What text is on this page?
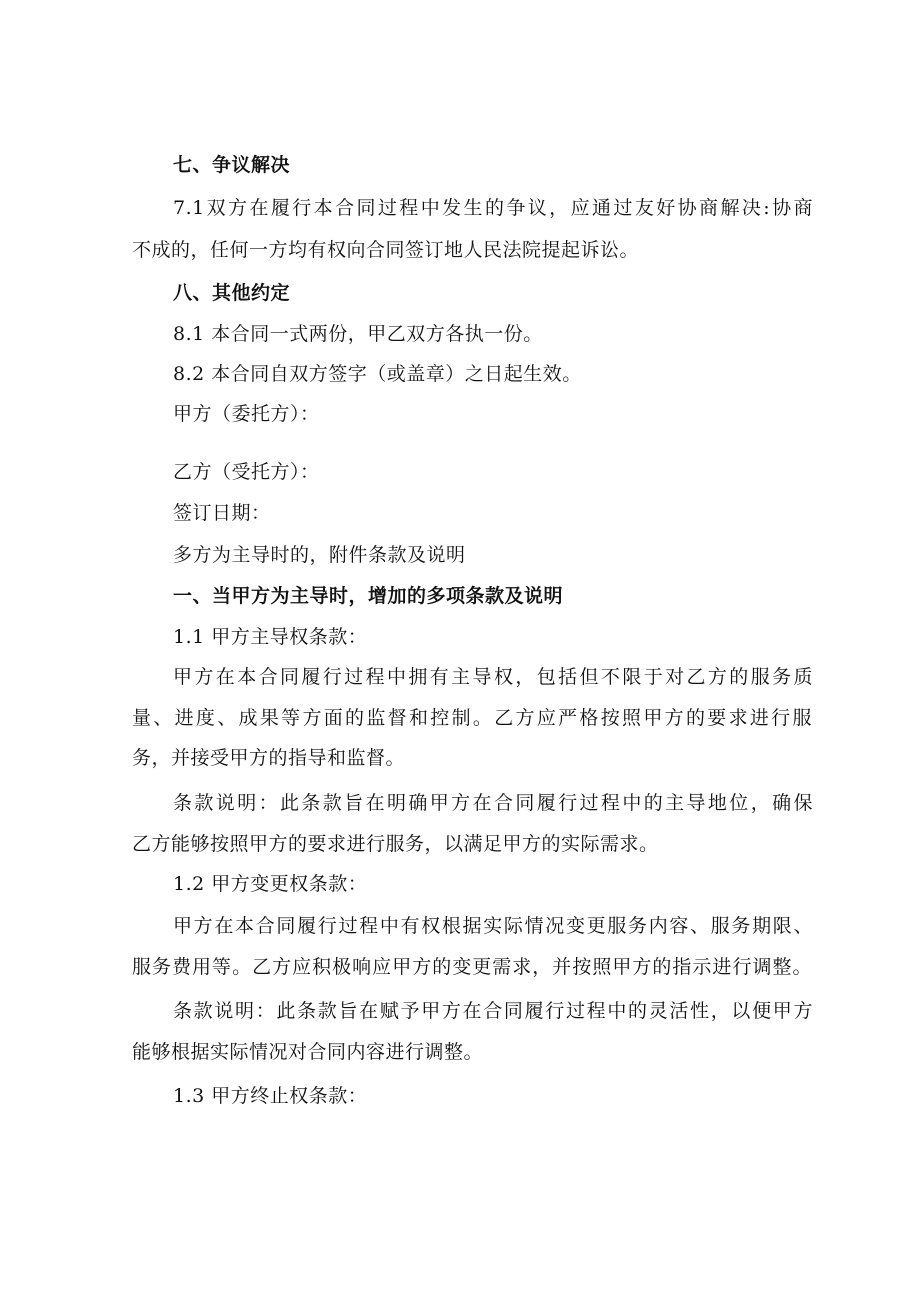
七、争议解决
7.1双方在履行本合同过程中发生的争议，应通过友好协商解决:协商
不成的，任何一方均有权向合同签订地人民法院提起诉讼。
八、其他约定
8.1 本合同一式两份，甲乙双方各执一份。
8.2 本合同自双方签字（或盖章）之日起生效。
甲方（委托方）：
乙方（受托方）：
签订日期：
多方为主导时的，附件条款及说明
一、当甲方为主导时，增加的多项条款及说明
1.1 甲方主导权条款：
甲方在本合同履行过程中拥有主导权，包括但不限于对乙方的服务质
量、进度、成果等方面的监督和控制。乙方应严格按照甲方的要求进行服
务，并接受甲方的指导和监督。
条款说明：此条款旨在明确甲方在合同履行过程中的主导地位，确保
乙方能够按照甲方的要求进行服务，以满足甲方的实际需求。
1.2 甲方变更权条款：
甲方在本合同履行过程中有权根据实际情况变更服务内容、服务期限、
服务费用等。乙方应积极响应甲方的变更需求，并按照甲方的指示进行调整。
条款说明：此条款旨在赋予甲方在合同履行过程中的灵活性，以便甲方
能够根据实际情况对合同内容进行调整。
1.3 甲方终止权条款：
